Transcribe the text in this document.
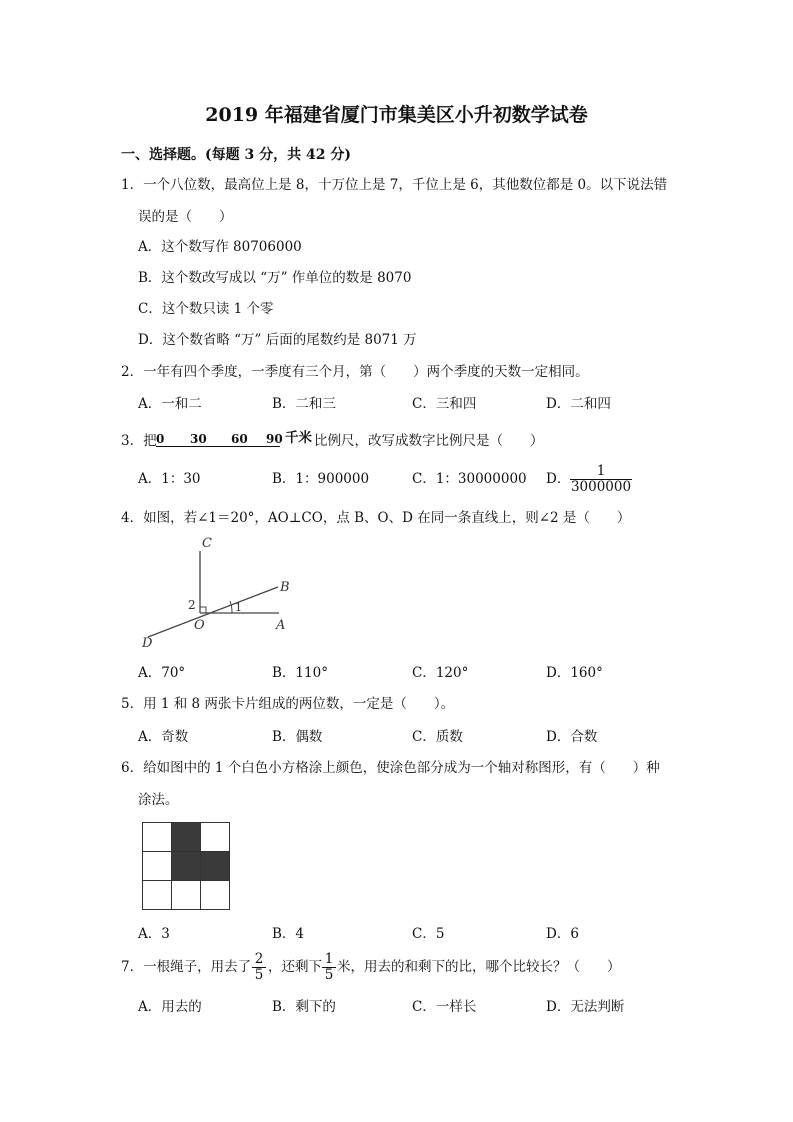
2019 年福建省厦门市集美区小升初数学试卷
一、选择题。(每题 3 分，共 42 分)
1．一个八位数，最高位上是 8，十万位上是 7，千位上是 6，其他数位都是 0。以下说法错
误的是（　　）
A．这个数写作 80706000
B．这个数改写成以 “万” 作单位的数是 8070
C．这个数只读 1 个零
D．这个数省略 “万” 后面的尾数约是 8071 万
2．一年有四个季度，一季度有三个月，第（　　）两个季度的天数一定相同。
A．一和二	B．二和三	C．三和四	D．二和四
3．把 0 30 60 90 千米 比例尺，改写成数字比例尺是（　　）
A．1：30	B．1：900000	C．1：30000000 D． $\frac{1}{3000000}$
4．如图，若∠1＝20°，AO⊥CO，点 B、O、D 在同一条直线上，则∠2 是（　　）
C
B
O	A
D
1
2
A．70°	B．110°	C．120°	D．160°
5．用 1 和 8 两张卡片组成的两位数，一定是（　　）。
A．奇数	B．偶数	C．质数	D．合数
6．给如图中的 1 个白色小方格涂上颜色，使涂色部分成为一个轴对称图形，有（　　）种
涂法。

A．3	B．4	C．5	D．6
7．一根绳子，用去了 $\frac{2}{5}$ ，还剩下 $\frac{1}{5}$ 米，用去的和剩下的比，哪个比较长？（　　）
A．用去的	B．剩下的	C．一样长	D．无法判断
